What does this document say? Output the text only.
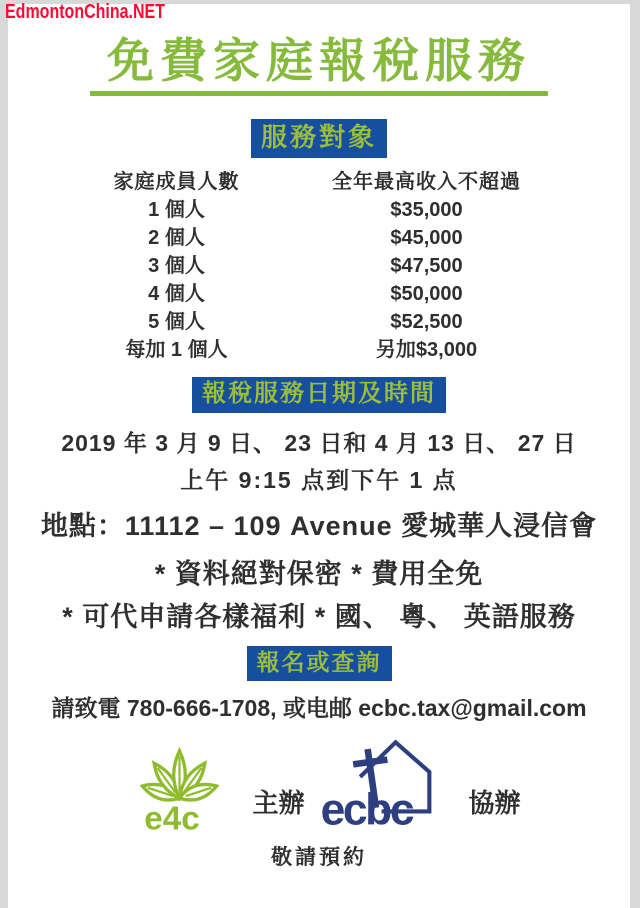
EdmontonChina.NET
免費家庭報稅服務
服務對象
家庭成員人數	全年最高收入不超過
1 個人	$35,000
2 個人	$45,000
3 個人	$47,500
4 個人	$50,000
5 個人	$52,500
每加 1 個人	另加$3,000
報稅服務日期及時間
2019 年 3 月 9 日、 23 日和 4 月 13 日、 27 日
上午 9:15 点到下午 1 点
地點：11112 – 109 Avenue 愛城華人浸信會
* 資料絕對保密 * 費用全免
* 可代申請各樣福利 * 國、 粵、 英語服務
報名或查詢
請致電 780-666-1708, 或电邮 ecbc.tax@gmail.com
e4c 主辦 ecbc 協辦
敬請預約
